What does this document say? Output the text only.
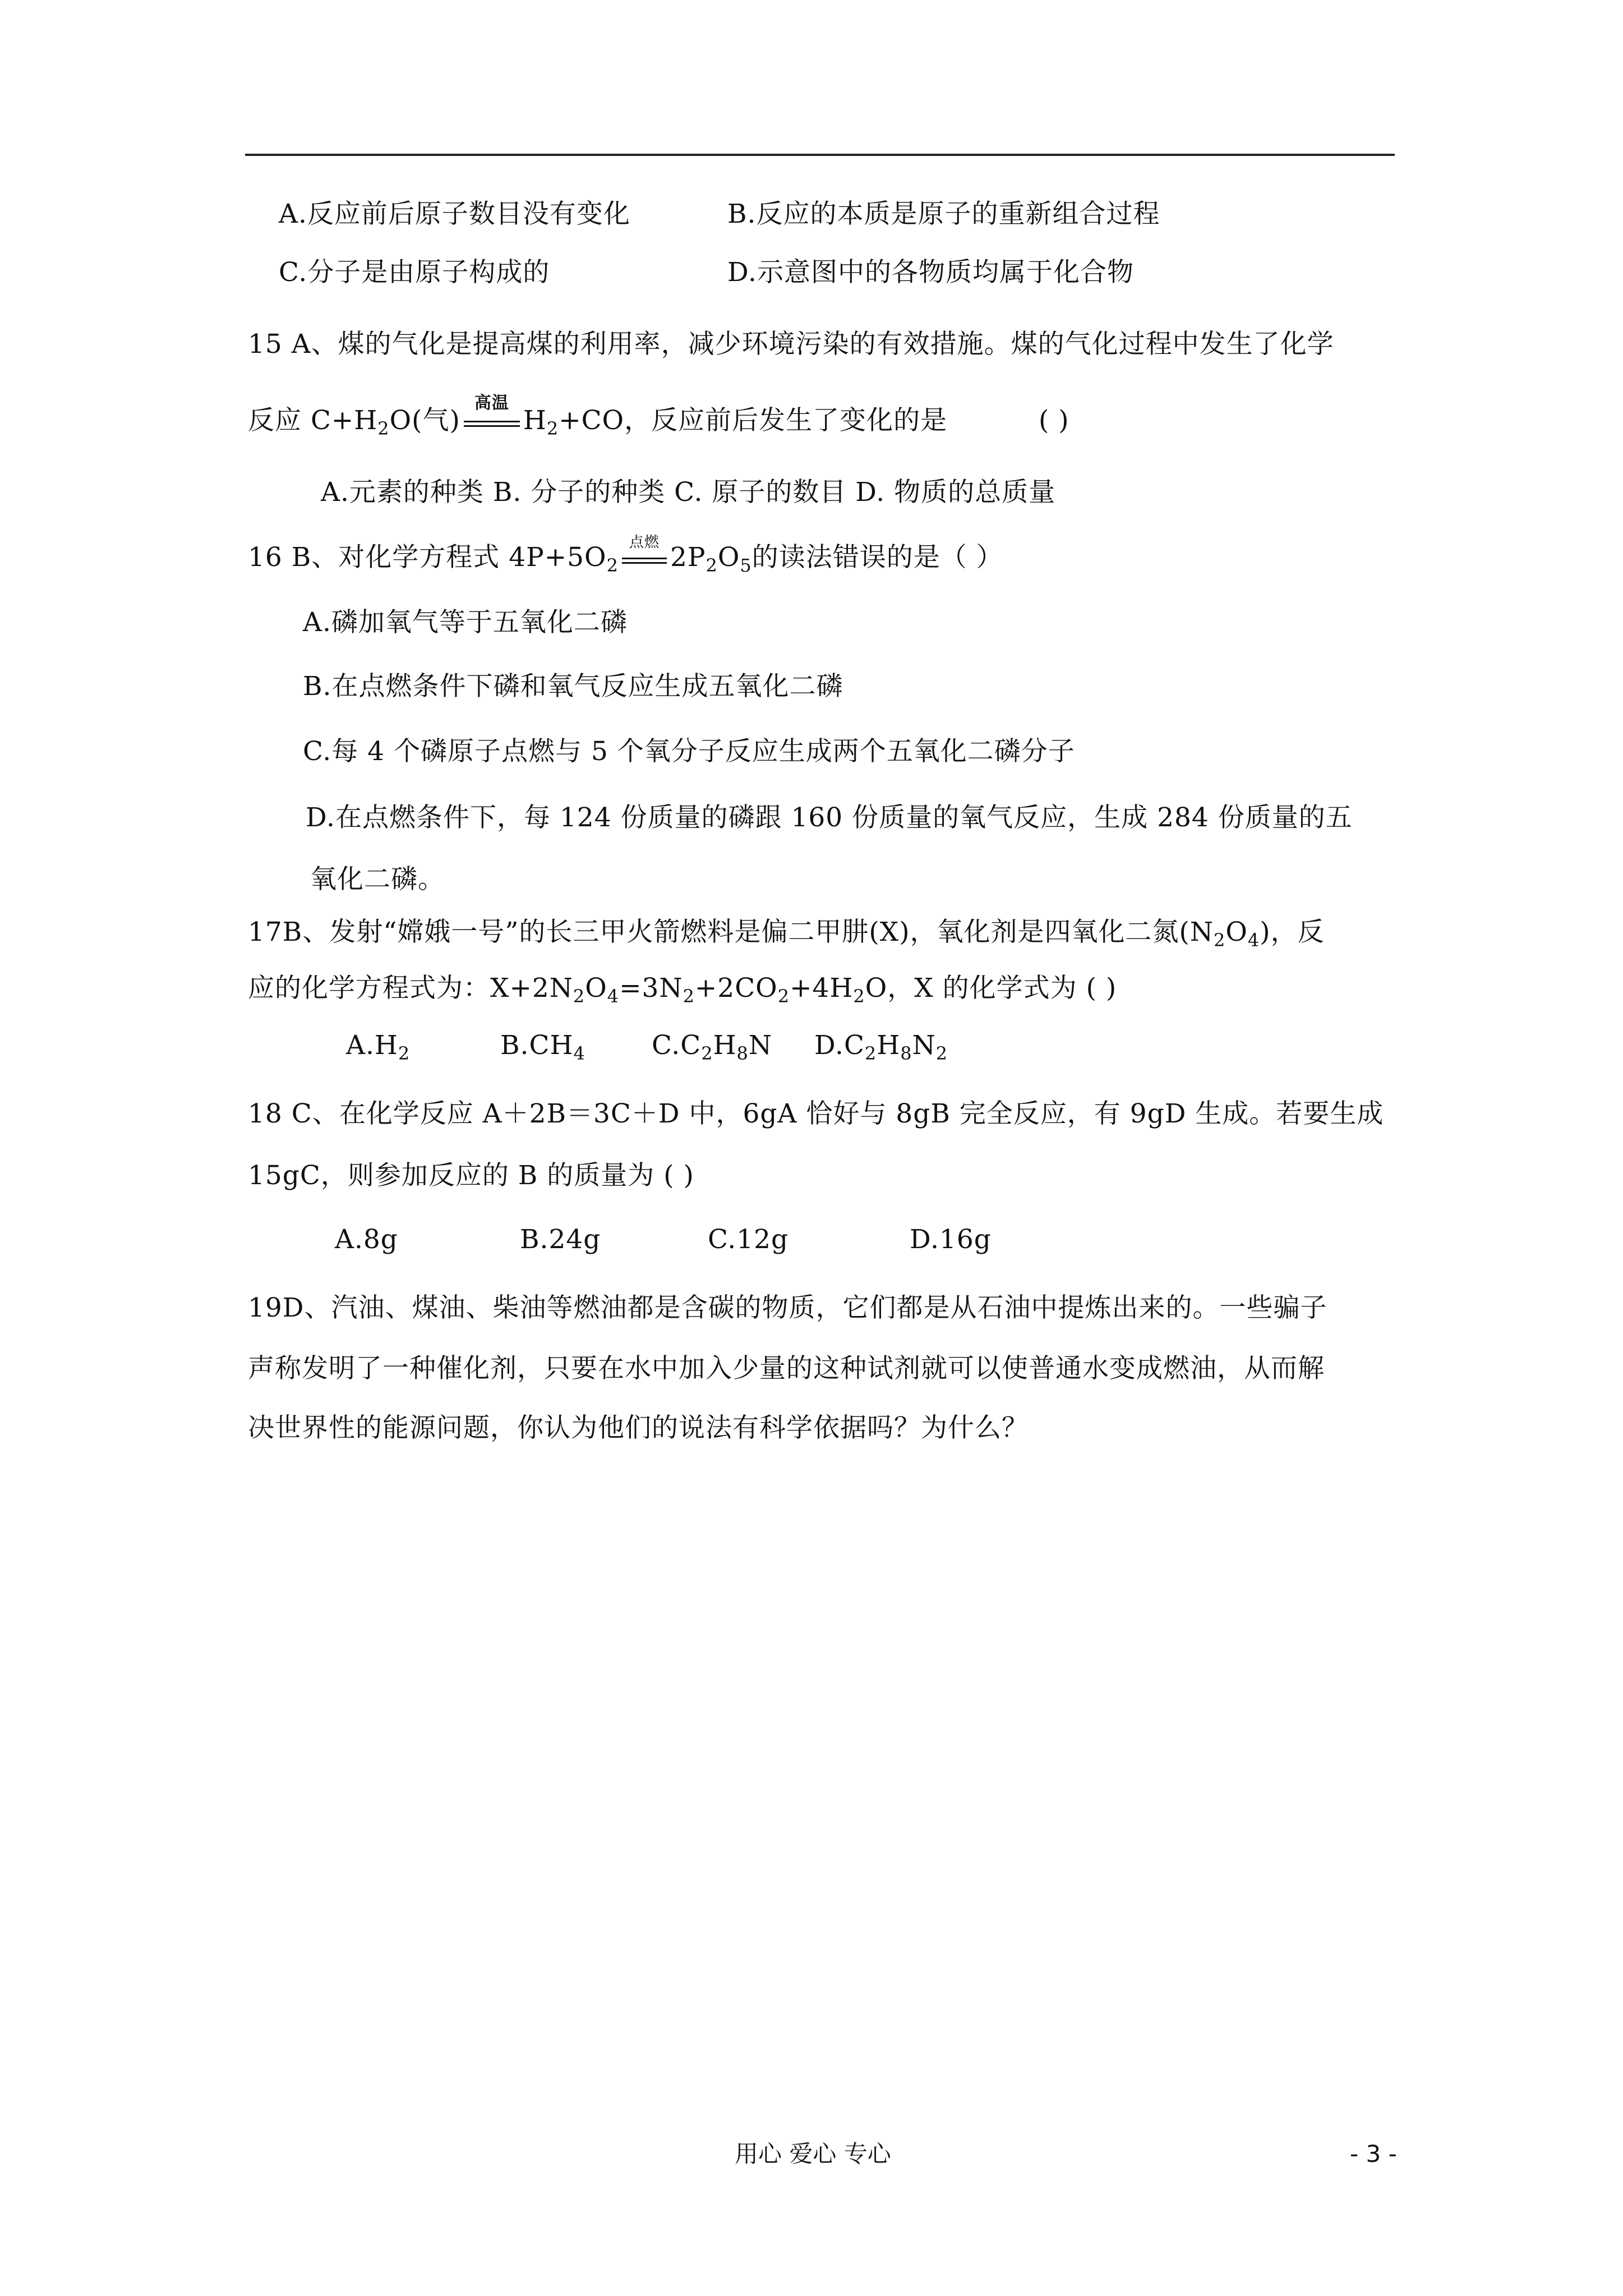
A.反应前后原子数目没有变化	B.反应的本质是原子的重新组合过程
C.分子是由原子构成的	D.示意图中的各物质均属于化合物
15 A、煤的气化是提高煤的利用率，减少环境污染的有效措施。煤的气化过程中发生了化学
反应 $C+H_2O$(气)
高温
$H_2+CO$，反应前后发生了变化的是	( )
A.元素的种类 B. 分子的种类 C. 原子的数目 D. 物质的总质量
16 B、对化学方程式 $4P+5O_2$
点燃 $2P_2O_5$的读法错误的是（ ）
A.磷加氧气等于五氧化二磷
B.在点燃条件下磷和氧气反应生成五氧化二磷
C.每 4 个磷原子点燃与 5 个氧分子反应生成两个五氧化二磷分子
D.在点燃条件下，每 124 份质量的磷跟 160 份质量的氧气反应，生成 284 份质量的五
氧化二磷。
17B、发射“嫦娥一号”的长三甲火箭燃料是偏二甲肼(X)，氧化剂是四氧化二氮$(N_2O_4)$，反
应的化学方程式为：$X+2N_2O_4=3N_2+2CO_2+4H_2O$，X 的化学式为 ( )
$A.H_2$	$B.CH_4$	$C.C_2H_8N$ $D.C_2H_8N_2$
18 C、在化学反应 A＋2B＝3C＋D 中，6gA 恰好与 8gB 完全反应，有 9gD 生成。若要生成
15gC，则参加反应的 B 的质量为 ( )
A.8g	B.24g	C.12g	D.16g
19D、汽油、煤油、柴油等燃油都是含碳的物质，它们都是从石油中提炼出来的。一些骗子
声称发明了一种催化剂，只要在水中加入少量的这种试剂就可以使普通水变成燃油，从而解
决世界性的能源问题，你认为他们的说法有科学依据吗？为什么？
用心 爱心 专心	- 3 -
